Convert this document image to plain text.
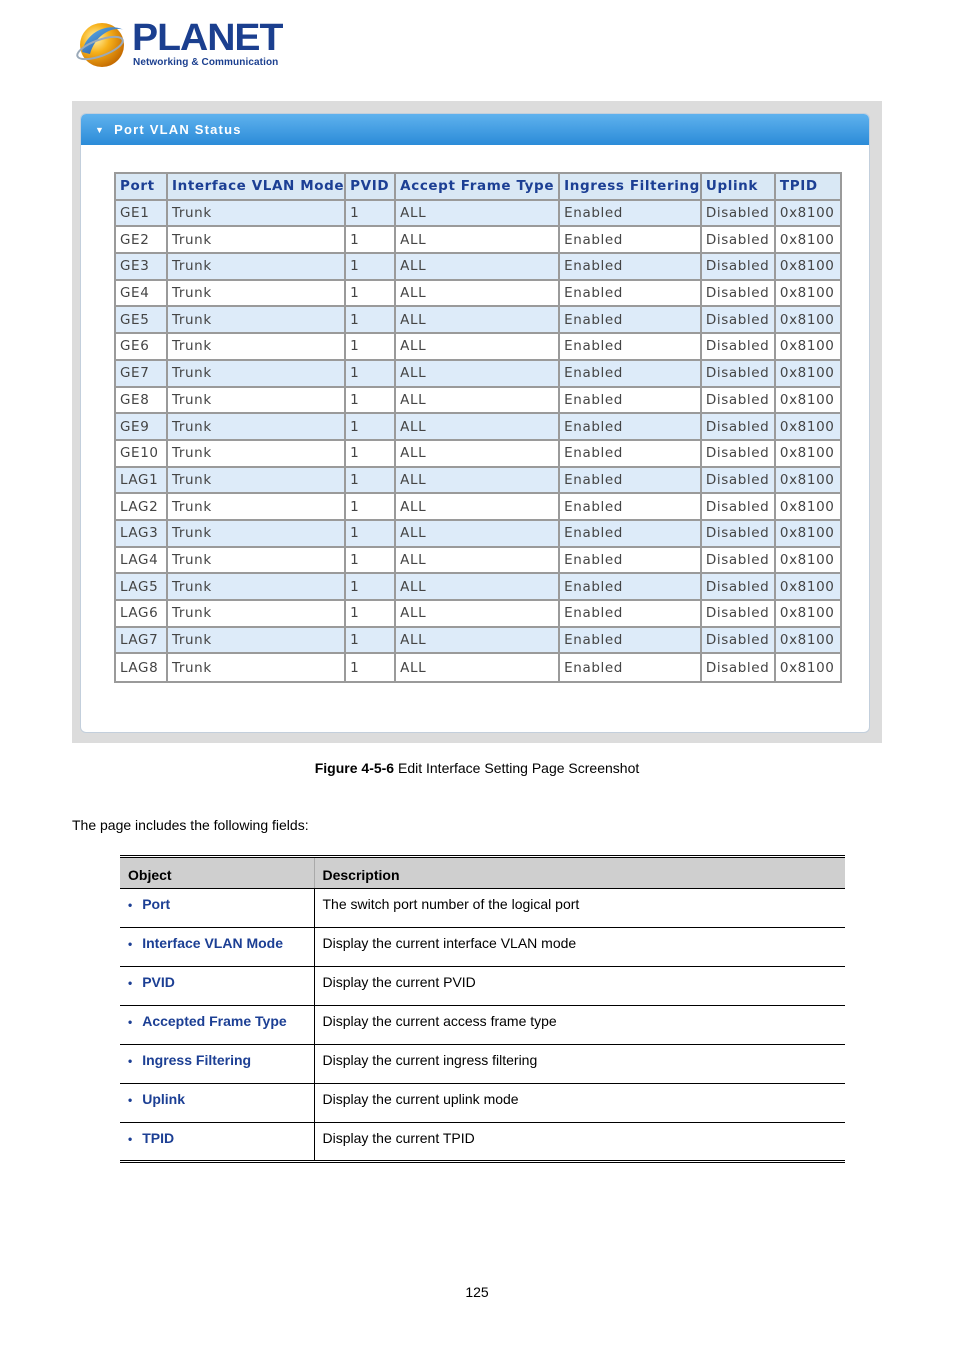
PLANET
Networking & Communication
▼ Port VLAN Status
Port	Interface VLAN Mode	PVID	Accept Frame Type	Ingress Filtering	Uplink	TPID
GE1	Trunk	1	ALL	Enabled	Disabled	0x8100
GE2	Trunk	1	ALL	Enabled	Disabled	0x8100
GE3	Trunk	1	ALL	Enabled	Disabled	0x8100
GE4	Trunk	1	ALL	Enabled	Disabled	0x8100
GE5	Trunk	1	ALL	Enabled	Disabled	0x8100
GE6	Trunk	1	ALL	Enabled	Disabled	0x8100
GE7	Trunk	1	ALL	Enabled	Disabled	0x8100
GE8	Trunk	1	ALL	Enabled	Disabled	0x8100
GE9	Trunk	1	ALL	Enabled	Disabled	0x8100
GE10	Trunk	1	ALL	Enabled	Disabled	0x8100
LAG1	Trunk	1	ALL	Enabled	Disabled	0x8100
LAG2	Trunk	1	ALL	Enabled	Disabled	0x8100
LAG3	Trunk	1	ALL	Enabled	Disabled	0x8100
LAG4	Trunk	1	ALL	Enabled	Disabled	0x8100
LAG5	Trunk	1	ALL	Enabled	Disabled	0x8100
LAG6	Trunk	1	ALL	Enabled	Disabled	0x8100
LAG7	Trunk	1	ALL	Enabled	Disabled	0x8100
LAG8	Trunk	1	ALL	Enabled	Disabled	0x8100
Figure 4-5-6 Edit Interface Setting Page Screenshot
The page includes the following fields:
Object	Description
• Port	The switch port number of the logical port
• Interface VLAN Mode	Display the current interface VLAN mode
• PVID	Display the current PVID
• Accepted Frame Type	Display the current access frame type
• Ingress Filtering	Display the current ingress filtering
• Uplink	Display the current uplink mode
• TPID	Display the current TPID
125
